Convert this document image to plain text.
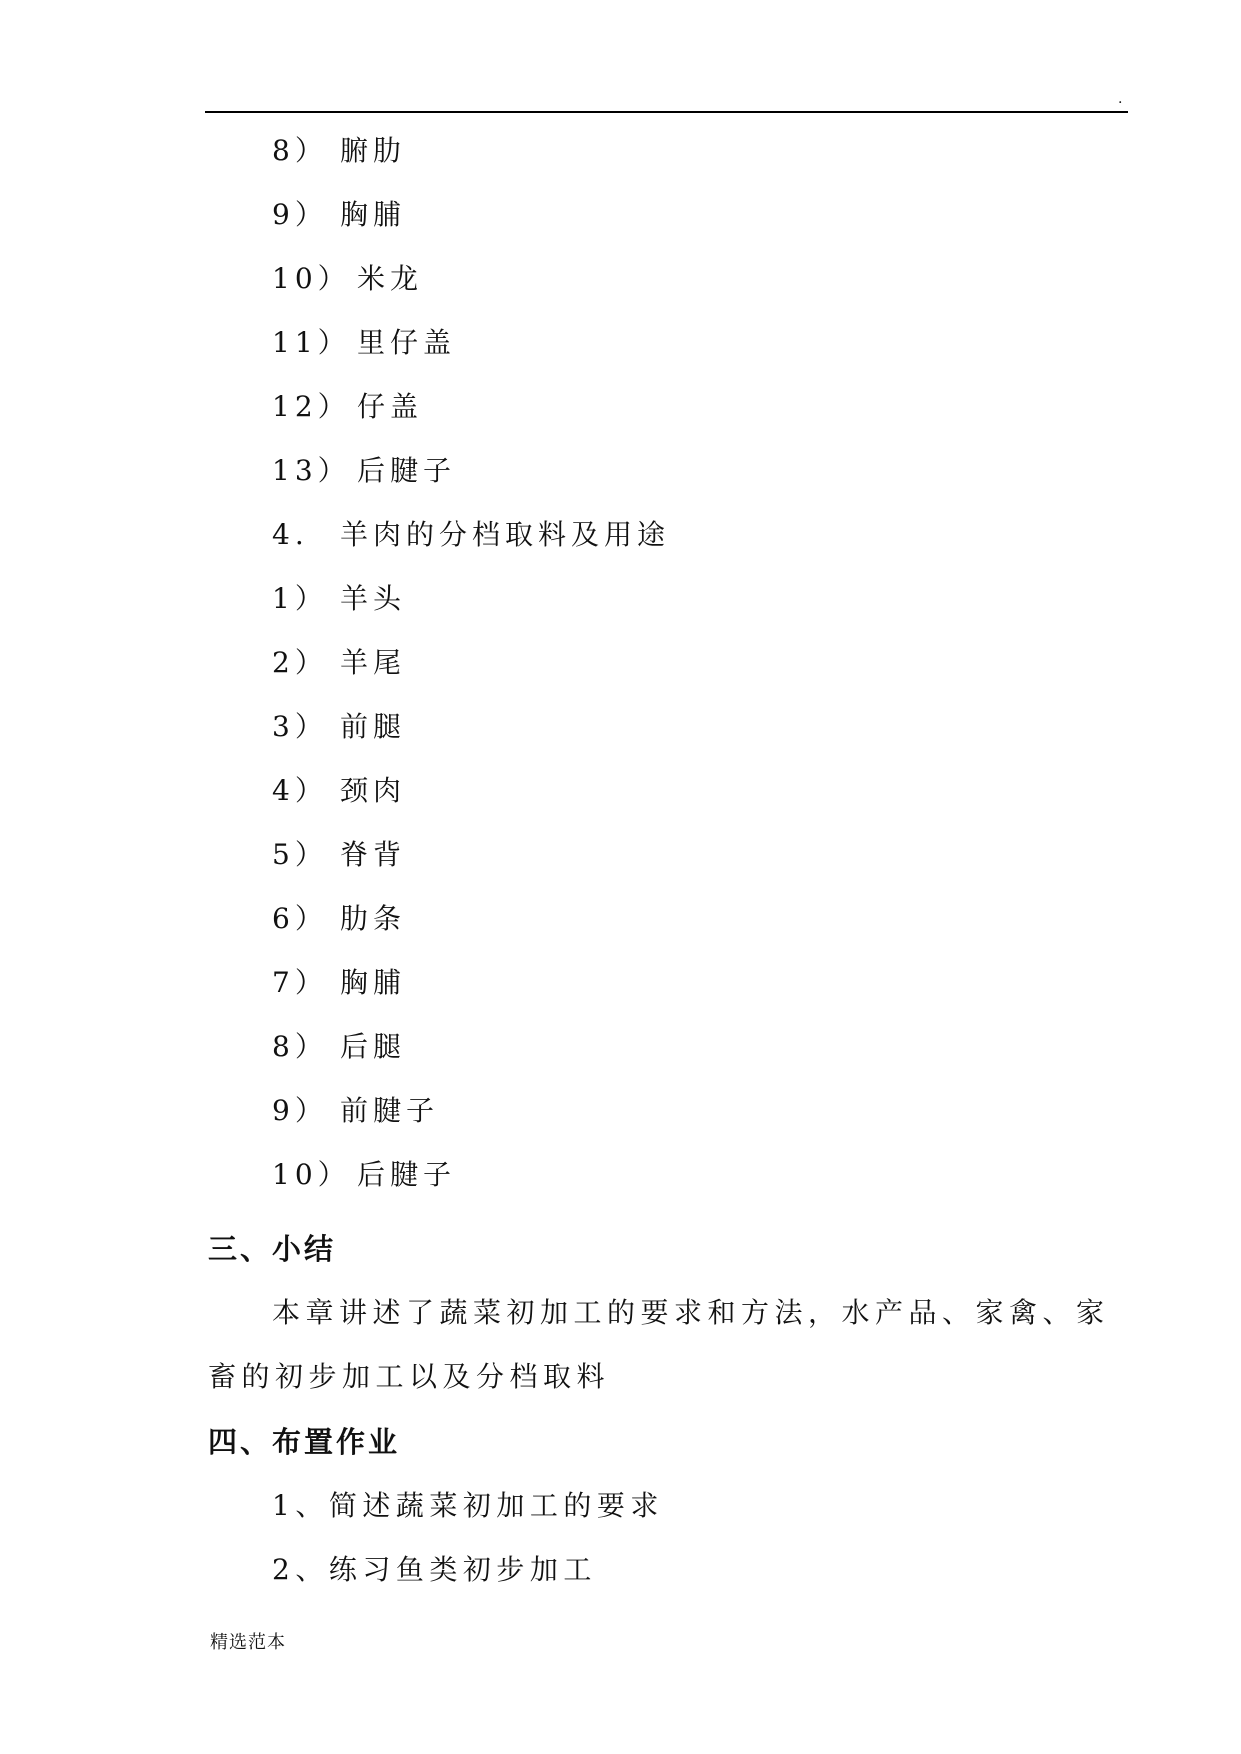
.
8） 腑肋
9） 胸脯
10） 米龙
11） 里仔盖
12） 仔盖
13） 后腱子
4. 羊肉的分档取料及用途
1） 羊头
2） 羊尾
3） 前腿
4） 颈肉
5） 脊背
6） 肋条
7） 胸脯
8） 后腿
9） 前腱子
10） 后腱子
三、小结
本章讲述了蔬菜初加工的要求和方法，水产品、家禽、家
畜的初步加工以及分档取料
四、布置作业
1、简述蔬菜初加工的要求
2、练习鱼类初步加工
精选范本
